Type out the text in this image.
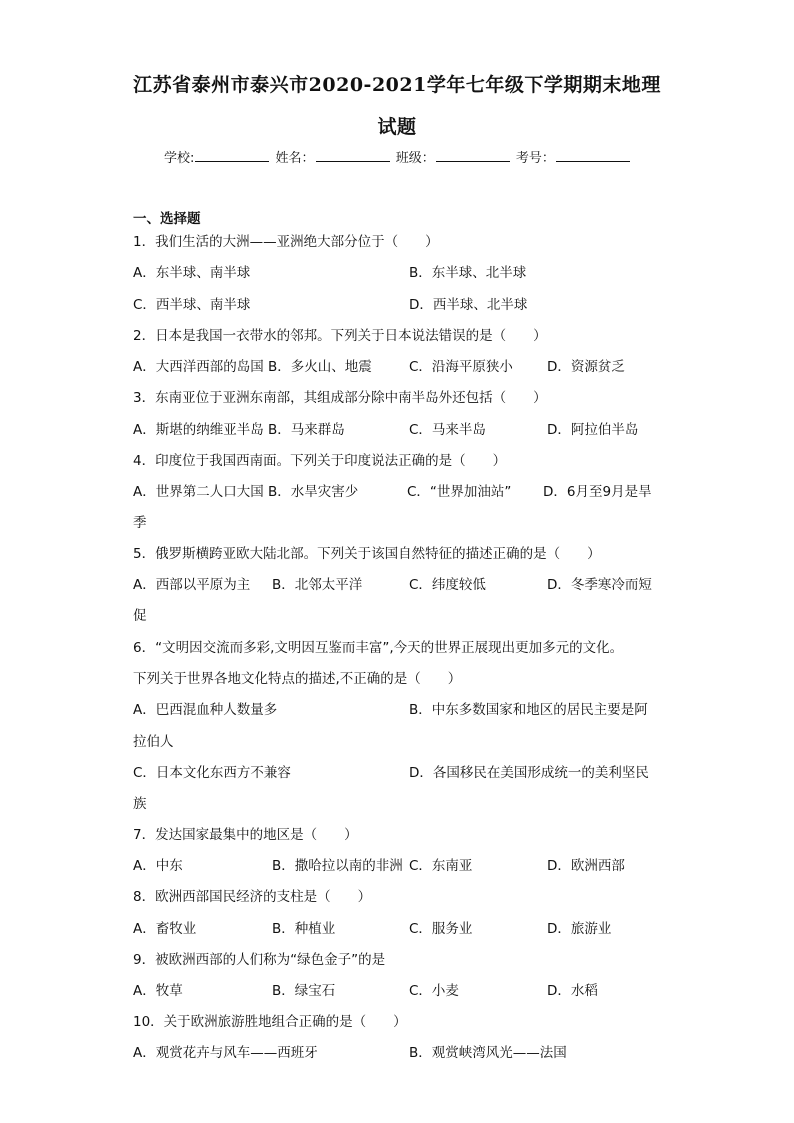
江苏省泰州市泰兴市2020-2021学年七年级下学期期末地理
试题
学校:	姓名：	班级：	考号：
一、选择题
1．我们生活的大洲——亚洲绝大部分位于（　　）
A．东半球、南半球	B．东半球、北半球
C．西半球、南半球	D．西半球、北半球
2．日本是我国一衣带水的邻邦。下列关于日本说法错误的是（　　）
A．大西洋西部的岛国 B．多火山、地震	C．沿海平原狭小	D．资源贫乏
3．东南亚位于亚洲东南部，其组成部分除中南半岛外还包括（　　）
A．斯堪的纳维亚半岛 B．马来群岛	C．马来半岛	D．阿拉伯半岛
4．印度位于我国西南面。下列关于印度说法正确的是（　　）
A．世界第二人口大国 B．水旱灾害少	C．“世界加油站” D．6月至9月是旱
季
5．俄罗斯横跨亚欧大陆北部。下列关于该国自然特征的描述正确的是（　　）
A．西部以平原为主 B．北邻太平洋	C．纬度较低	D．冬季寒冷而短
促
6．“文明因交流而多彩,文明因互鉴而丰富”,今天的世界正展现出更加多元的文化。
下列关于世界各地文化特点的描述,不正确的是（　　）
A．巴西混血种人数量多	B．中东多数国家和地区的居民主要是阿
拉伯人
C．日本文化东西方不兼容	D．各国移民在美国形成统一的美利坚民
族
7．发达国家最集中的地区是（　　）
A．中东	B．撒哈拉以南的非洲 C．东南亚	D．欧洲西部
8．欧洲西部国民经济的支柱是（　　）
A．畜牧业	B．种植业	C．服务业	D．旅游业
9．被欧洲西部的人们称为“绿色金子”的是
A．牧草	B．绿宝石	C．小麦	D．水稻
10．关于欧洲旅游胜地组合正确的是（　　）
A．观赏花卉与风车——西班牙	B．观赏峡湾风光——法国
